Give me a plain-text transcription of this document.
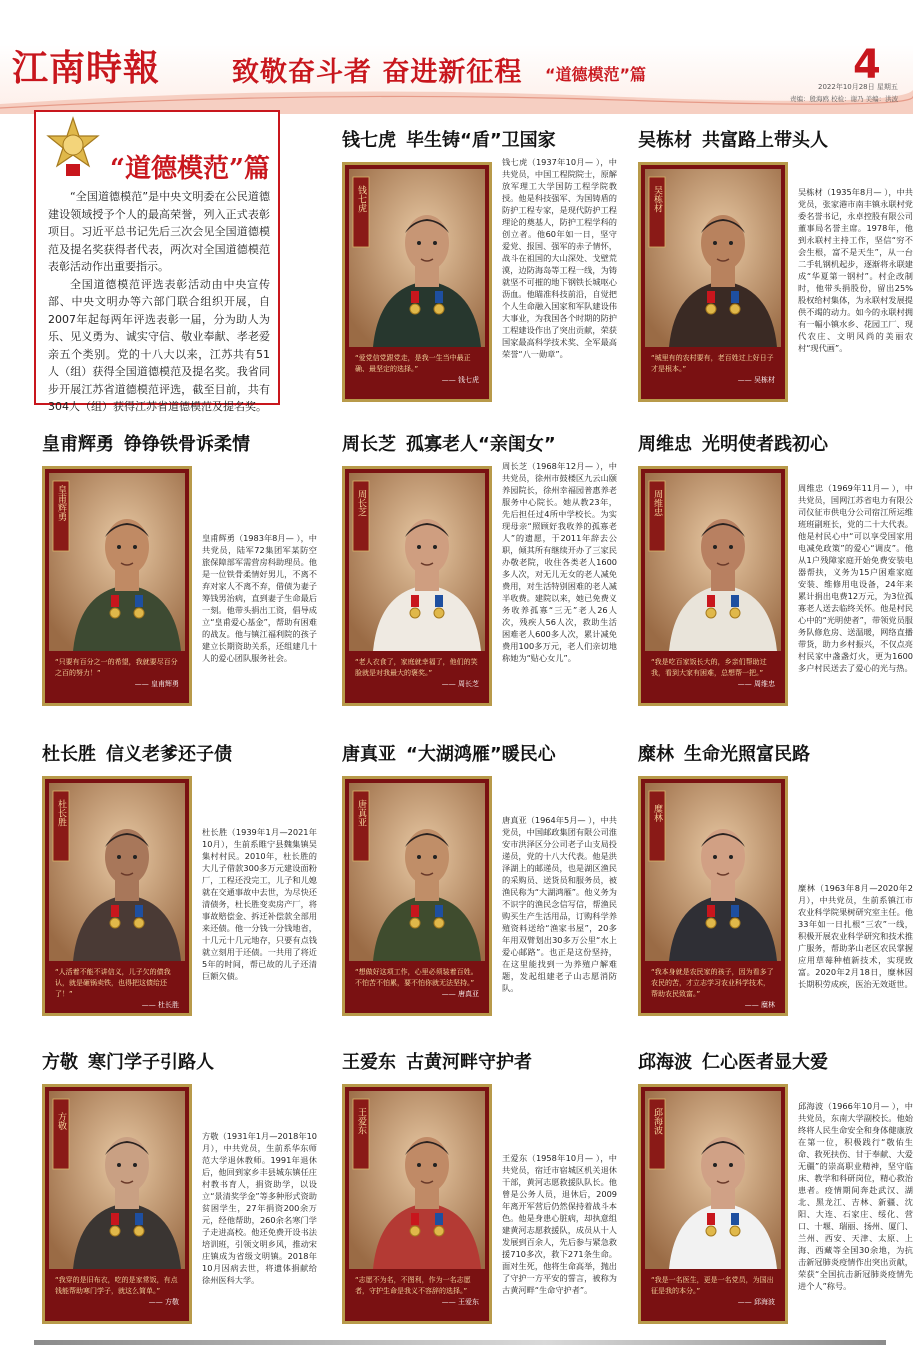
江南時報	致敬奋斗者 奋进新征程 “道德模范”篇	4
2022年10月28日 星期五
责编：殷海鸥 校检：谢乃 美编：洪波
“道德模范”篇

“全国道德模范”是中央文明委在公民道德建设领域授予个人的最高荣誉，列入正式表彰项目。习近平总书记先后三次会见全国道德模范及提名奖获得者代表，两次对全国道德模范表彰活动作出重要指示。

全国道德模范评选表彰活动由中央宣传部、中央文明办等六部门联合组织开展，自2007年起每两年评选表彰一届，分为助人为乐、见义勇为、诚实守信、敬业奉献、孝老爱亲五个类别。党的十八大以来，江苏共有51人（组）获得全国道德模范及提名奖。我省同步开展江苏省道德模范评选，截至目前，共有304人（组）获得江苏省道德模范及提名奖。

钱七虎 毕生铸“盾”卫国家
钱七虎
“爱党信党跟党走，是我一生当中最正确、最坚定的选择。”
—— 钱七虎
钱七虎（1937年10月— ），中共党员，中国工程院院士，原解放军理工大学国防工程学院教授。他是科技强军、为国铸盾的防护工程专家，是现代防护工程理论的奠基人，防护工程学科的创立者。他60年如一日，坚守爱党、报国、强军的赤子情怀，战斗在祖国的大山深处、戈壁荒漠，边防海岛等工程一线，为铸就坚不可摧的地下钢铁长城呕心沥血。他瞄准科技前沿，自觉把个人生命融入国家和军队建设伟大事业，为我国各个时期的防护工程建设作出了突出贡献，荣获国家最高科学技术奖、全军最高荣誉“八一勋章”。
吴栋材 共富路上带头人
吴栋材
“城里有的农村要有，老百姓过上好日子才是根本。”
—— 吴栋材
吴栋材（1935年8月— ），中共党员，张家港市南丰镇永联村党委名誉书记，永卓控股有限公司董事局名誉主席。1978年，他到永联村主持工作，坚信“穷不会生根，富不是天生”，从一台二手轧钢机起步，逐渐将永联建成“华夏第一钢村”。村企改制时，他带头捐股份，留出25%股权给村集体，为永联村发展提供不竭的动力。如今的永联村拥有一幅小镇水乡、花园工厂、现代农庄、文明风尚的美丽农村“现代画”。
皇甫辉勇 铮铮铁骨诉柔情
皇甫辉勇
“只要有百分之一的希望，我就要尽百分之百的努力！”
—— 皇甫辉勇
皇甫辉勇（1983年8月— ），中共党员，陆军72集团军某防空旅保障部军需营房科助理员。他是一位铁骨柔情好男儿，不离不弃对家人不离不弃，借债为妻子筹钱男治病，直到妻子生命最后一刻。他带头捐出工资，倡导成立“皇甫爱心基金”，帮助有困难的战友。他与镇江福利院的孩子建立长期资助关系，还组建几十人的爱心团队服务社会。
周长芝 孤寡老人“亲闺女”
周长芝
“老人衣食了，家庭就幸福了，他们的笑脸就是对我最大的褒奖。”
—— 周长芝
周长芝（1968年12月— ），中共党员，徐州市鼓楼区九云山颐养园院长，徐州幸福园普惠养老服务中心院长。她从教23年，先后担任过4所中学校长。为实现母亲“照顾好我收养的孤寡老人”的遗愿，于2011年辞去公职，倾其所有继续开办了三家民办敬老院，收住各类老人1600多人次，对无儿无女的老人减免费用，对生活特别困难的老人减半收费。建院以来，她已免费义务收养孤寡“三无”老人26人次，残疾人56人次，救助生活困难老人600多人次，累计减免费用100多万元，老人们亲切地称她为“贴心女儿”。
周维忠 光明使者践初心
周维忠
“我是吃百家饭长大的，乡亲们帮助过我，看到大家有困难，总想帮一把。”
—— 周维忠
周维忠（1969年11月— ），中共党员，国网江苏省电力有限公司仪征市供电分公司宿江所运维班班副班长，党的二十大代表。他是村民心中“可以享受国家用电减免政策”的爱心“调皮”。他从1户残障家庭开始免费安装电器帮扶，义务为15户困难家庭安装、维修用电设备，24年来累计捐出电费12万元，为3位孤寡老人送去临终关怀。他是村民心中的“光明使者”，带领党员服务队修危房、送温暖，网络直播带货，助力乡村振兴，不仅点亮村民家中盏盏灯火，更为1600多户村民送去了爱心的光与热。
杜长胜 信义老爹还子债
杜长胜
“人活着不能不讲信义，儿子欠的债我认，就是砸锅卖铁，也得把这债给还了！”
—— 杜长胜
杜长胜（1939年1月—2021年10月），生前系睢宁县魏集镇吴集村村民。2010年，杜长胜的大儿子借款300多万元建设面粉厂，工程还没完工，儿子和儿媳就在交通事故中去世，为尽快还清债务，杜长胜变卖房产厂，将事故赔偿金、拆迁补偿款全部用来还债。他一分钱一分钱地省，十几元十几元地存，只要有点钱就立刻用于还债。一共用了将近5年的时间，帮已故的儿子还清巨额欠债。
唐真亚 “大湖鸿雁”暖民心
唐真亚
“想做好这项工作，心里必须装着百姓。不怕苦不怕累，要不怕你就无法坚持。”
—— 唐真亚
唐真亚（1964年5月— ），中共党员，中国邮政集团有限公司淮安市洪泽区分公司老子山支局投递员，党的十八大代表。他是洪泽湖上的邮递员，也是湖区渔民的采购员、送货员和服务员，被渔民称为“大湖鸿雁”。他义务为不识字的渔民念信写信，帮渔民购买生产生活用品，订购科学养殖资料送给“渔家书屋”，20多年用双臂划出30多万公里“水上爱心邮路”。也正是这份坚持，在这里能找到一为养殖户解难题，发起组建老子山志愿消防队。
糜林 生命光照富民路
糜林
“我本身就是农民家的孩子，因为看多了农民的苦，才立志学习农业科学技术，帮助农民致富。”
—— 糜林
糜林（1963年8月—2020年2月），中共党员，生前系镇江市农业科学院果树研究室主任。他33年如一日扎根“三农”一线，积极开展农业科学研究和技术推广服务，帮助茅山老区农民掌握应用草莓种植新技术，实现致富。2020年2月18日，糜林因长期积劳成疾，医治无效逝世。
方敬 寒门学子引路人
方敬
“我穿的是旧布衣，吃的是家常饭，有点钱能帮助寒门学子，就这么简单。”
—— 方敬
方敬（1931年1月—2018年10月），中共党员，生前系华东师范大学退休教师。1991年退休后，他回到家乡丰县城东镇任庄村教书育人，捐资助学，以设立“景清奖学金”等多种形式资助贫困学生，27年捐资200余万元，经他帮助，260余名寒门学子走进高校。他还免费开设书法培训班，引领文明乡风，推动宋庄镇成为省级文明镇。2018年10月因病去世，将遗体捐献给徐州医科大学。
王爱东 古黄河畔守护者
王爱东
“志愿不为名，不图利，作为一名志愿者，守护生命是我义不容辞的选择。”
—— 王爱东
王爱东（1958年10月— ），中共党员，宿迁市宿城区机关退休干部，黄河志愿救援队队长。他曾是公务人员，退休后，2009年离开军营后仍然保持着战斗本色。他是身患心脏病，却执意组建黄河志愿救援队，成员从十人发展到百余人，先后参与紧急救援710多次，救下271条生命。面对生死，他将生命高举，抛出了守护一方平安的誓言，被称为古黄河畔“生命守护者”。
邱海波 仁心医者显大爱
邱海波
“我是一名医生，更是一名党员，为国出征是我的本分。”
—— 邱海波
邱海波（1966年10月— ），中共党员，东南大学副校长。他始终将人民生命安全和身体健康放在第一位，积极践行“敬佑生命、救死扶伤、甘于奉献、大爱无疆”的崇高职业精神，坚守临床、教学和科研岗位，精心救治患者。疫情期间奔赴武汉、湖北、黑龙江、吉林、新疆、沈阳、大连、石家庄、绥化、营口、十堰、瑞丽、扬州、厦门、兰州、西安、天津、太原、上海、西藏等全国30余地，为抗击新冠肺炎疫情作出突出贡献，荣获“全国抗击新冠肺炎疫情先进个人”称号。
